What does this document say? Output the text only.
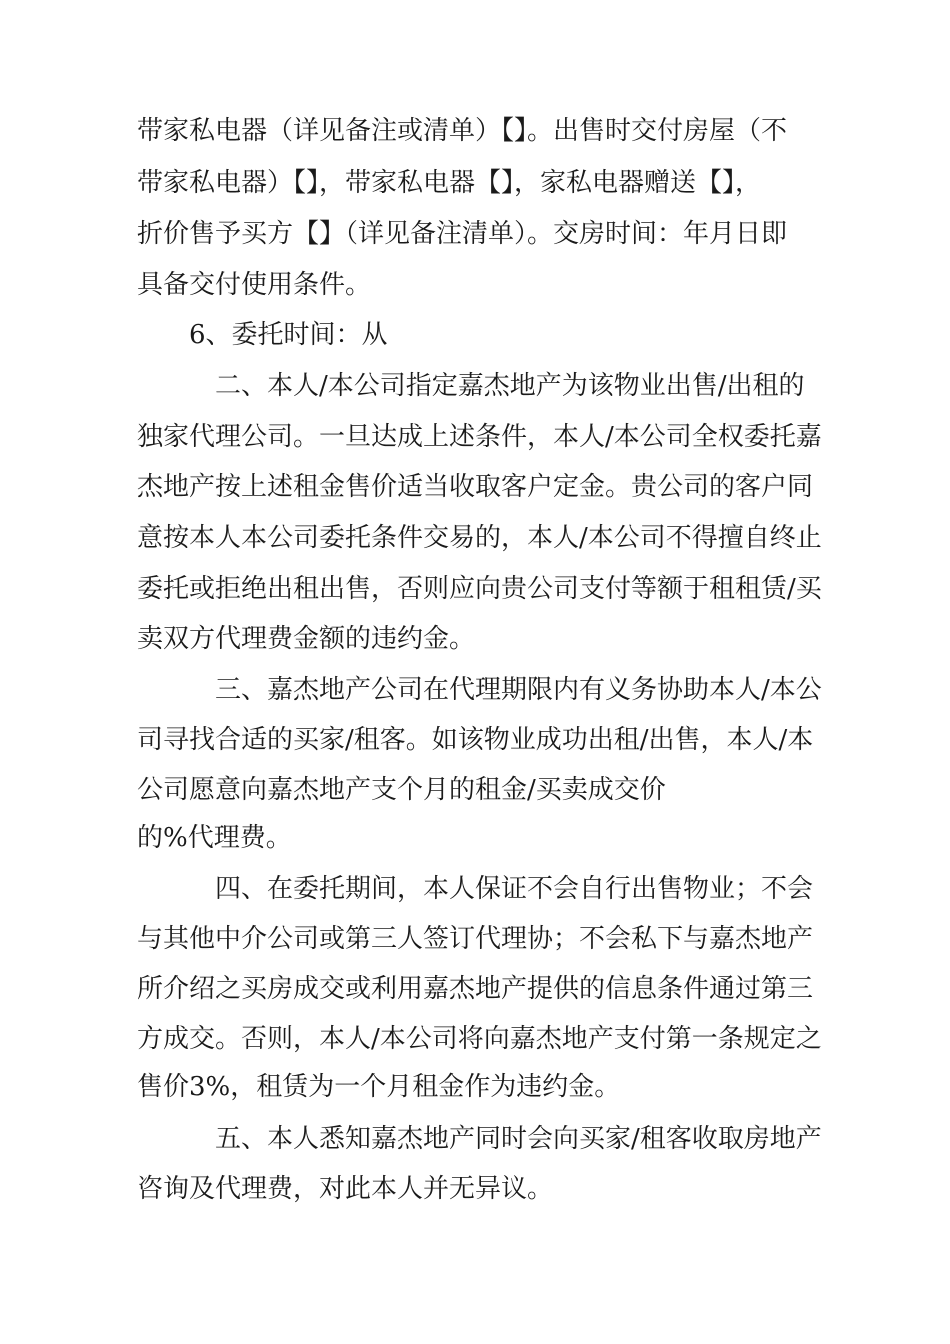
带家私电器（详见备注或清单）【】。出售时交付房屋（不
带家私电器）【】，带家私电器【】，家私电器赠送【】，
折价售予买方【】（详见备注清单）。交房时间：年月日即
具备交付使用条件。
6、委托时间：从
二、本人/本公司指定嘉杰地产为该物业出售/出租的
独家代理公司。一旦达成上述条件，本人/本公司全权委托嘉
杰地产按上述租金售价适当收取客户定金。贵公司的客户同
意按本人本公司委托条件交易的，本人/本公司不得擅自终止
委托或拒绝出租出售，否则应向贵公司支付等额于租租赁/买
卖双方代理费金额的违约金。
三、嘉杰地产公司在代理期限内有义务协助本人/本公
司寻找合适的买家/租客。如该物业成功出租/出售，本人/本
公司愿意向嘉杰地产支个月的租金/买卖成交价
的%代理费。
四、在委托期间，本人保证不会自行出售物业；不会
与其他中介公司或第三人签订代理协；不会私下与嘉杰地产
所介绍之买房成交或利用嘉杰地产提供的信息条件通过第三
方成交。否则，本人/本公司将向嘉杰地产支付第一条规定之
售价3%，租赁为一个月租金作为违约金。
五、本人悉知嘉杰地产同时会向买家/租客收取房地产
咨询及代理费，对此本人并无异议。
